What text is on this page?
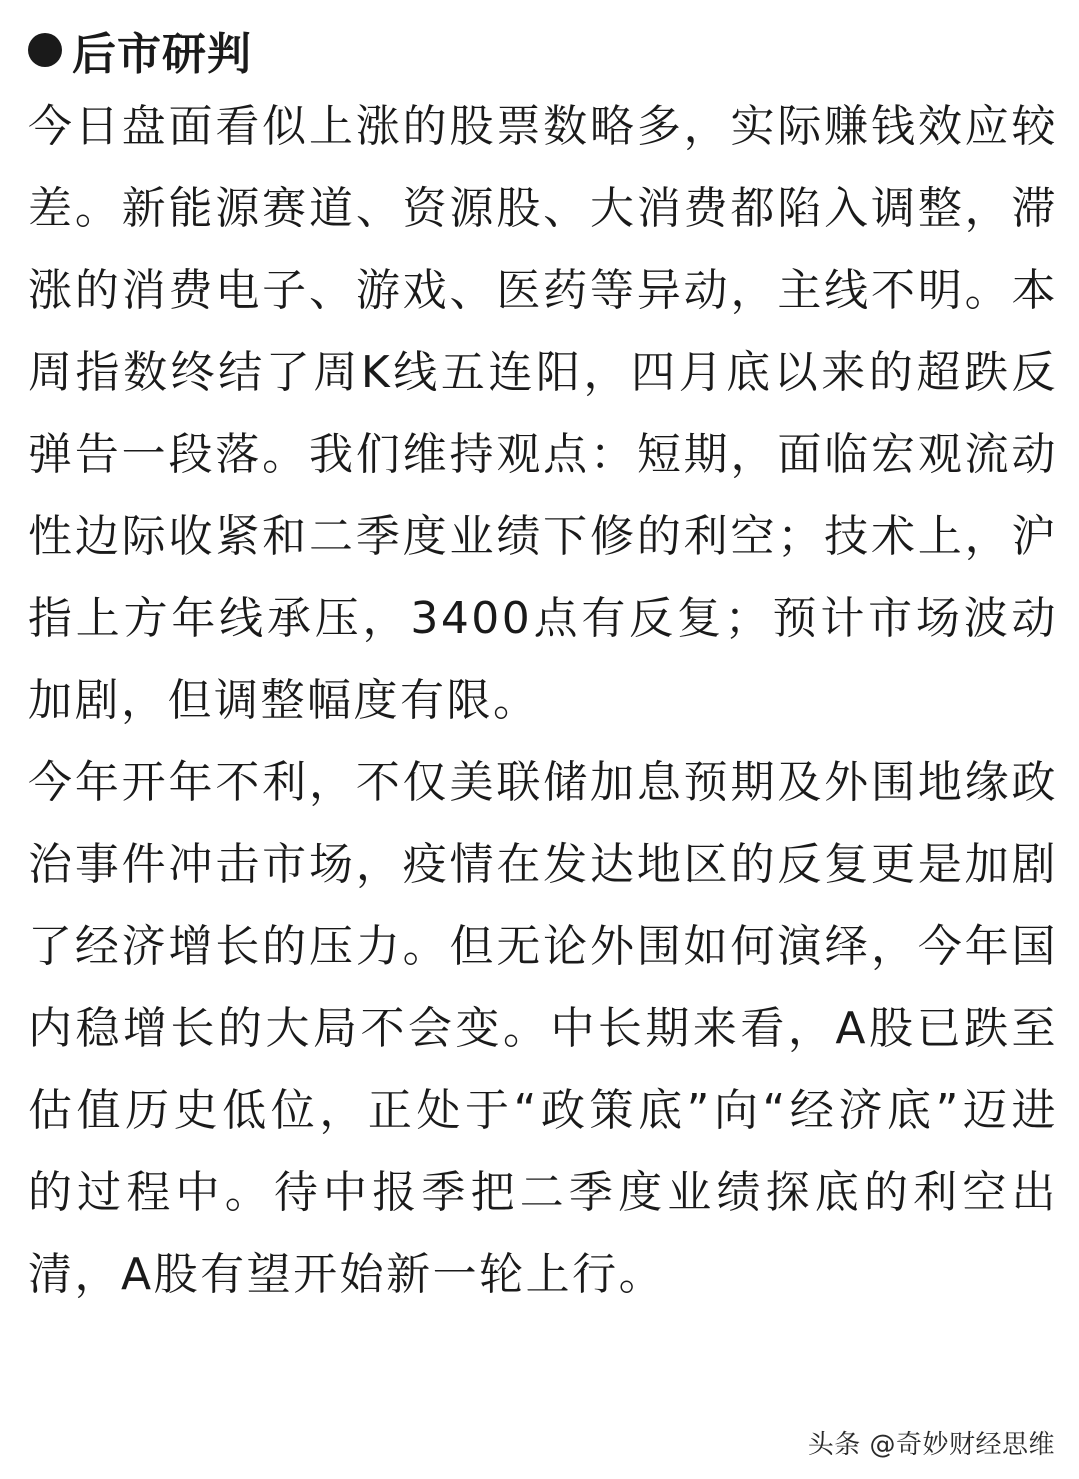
后市研判

今日盘面看似上涨的股票数略多，实际赚钱效应较差。新能源赛道、资源股、大消费都陷入调整，滞涨的消费电子、游戏、医药等异动，主线不明。本周指数终结了周K线五连阳，四月底以来的超跌反弹告一段落。我们维持观点：短期，面临宏观流动性边际收紧和二季度业绩下修的利空；技术上，沪指上方年线承压，3400点有反复；预计市场波动加剧，但调整幅度有限。

今年开年不利，不仅美联储加息预期及外围地缘政治事件冲击市场，疫情在发达地区的反复更是加剧了经济增长的压力。但无论外围如何演绎，今年国内稳增长的大局不会变。中长期来看，A股已跌至估值历史低位，正处于“政策底”向“经济底”迈进的过程中。待中报季把二季度业绩探底的利空出清，A股有望开始新一轮上行。

头条 @奇妙财经思维
